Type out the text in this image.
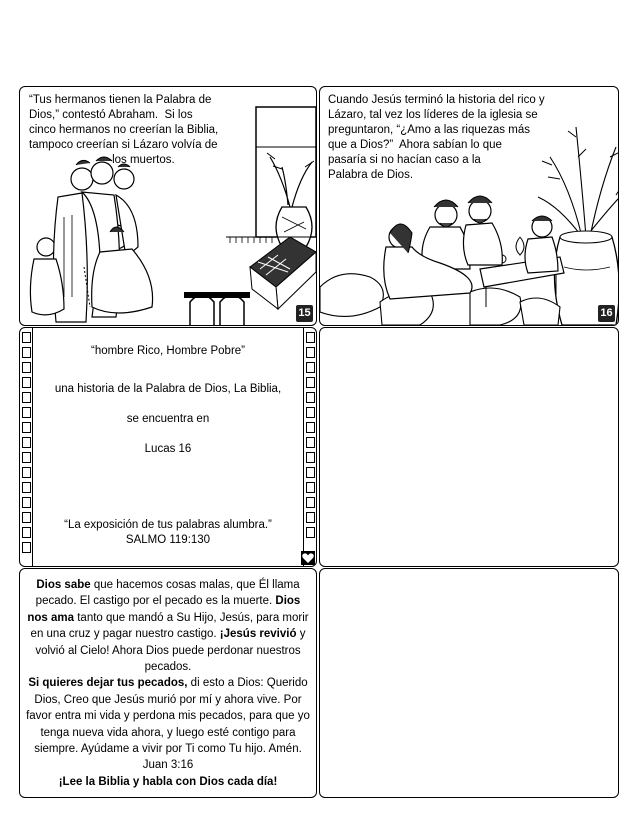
“Tus hermanos tienen la Palabra de
Dios,” contestó Abraham.  Si los
cinco hermanos no creerían la Biblia,
tampoco creerían si Lázaro volvía de
los muertos.
15
Cuando Jesús terminó la historia del rico y
Lázaro, tal vez los líderes de la iglesia se
preguntaron, “¿Amo a las riquezas más
que a Dios?”  Ahora sabían lo que
pasaría si no hacían caso a la
Palabra de Dios.
16
“hombre Rico, Hombre Pobre”
una historia de la Palabra de Dios, La Biblia,
se encuentra en
Lucas 16
“La exposición de tus palabras alumbra.”
SALMO 119:130

Dios sabe que hacemos cosas malas, que Él llama pecado. El castigo por el pecado es la muerte. Dios nos ama tanto que mandó a Su Hijo, Jesús, para morir en una cruz y pagar nuestro castigo. ¡Jesús revivió y volvió al Cielo! Ahora Dios puede perdonar nuestros pecados.

Si quieres dejar tus pecados, di esto a Dios: Querido Dios, Creo que Jesús murió por mí y ahora vive. Por favor entra mi vida y perdona mis pecados, para que yo tenga nueva vida ahora, y luego esté contigo para siempre. Ayúdame a vivir por Ti como Tu hijo. Amén.

Juan 3:16

¡Lee la Biblia y habla con Dios cada día!
